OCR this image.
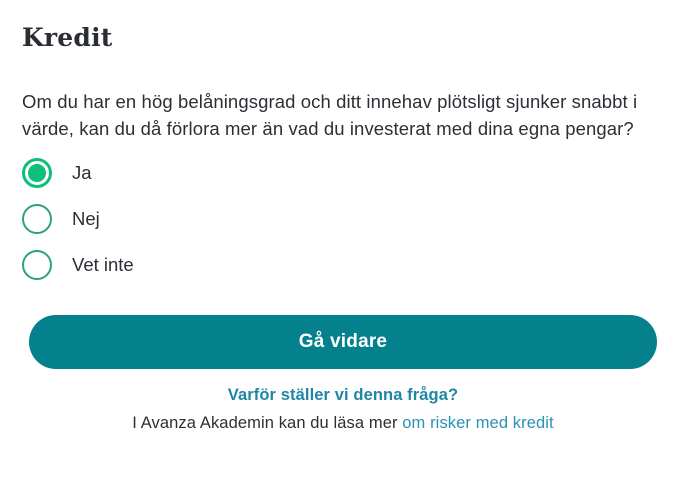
Kredit

Om du har en hög belåningsgrad och ditt innehav plötsligt sjunker snabbt i värde, kan du då förlora mer än vad du investerat med dina egna pengar?

Ja
Nej
Vet inte
Gå vidare
Varför ställer vi denna fråga?
I Avanza Akademin kan du läsa mer om risker med kredit
